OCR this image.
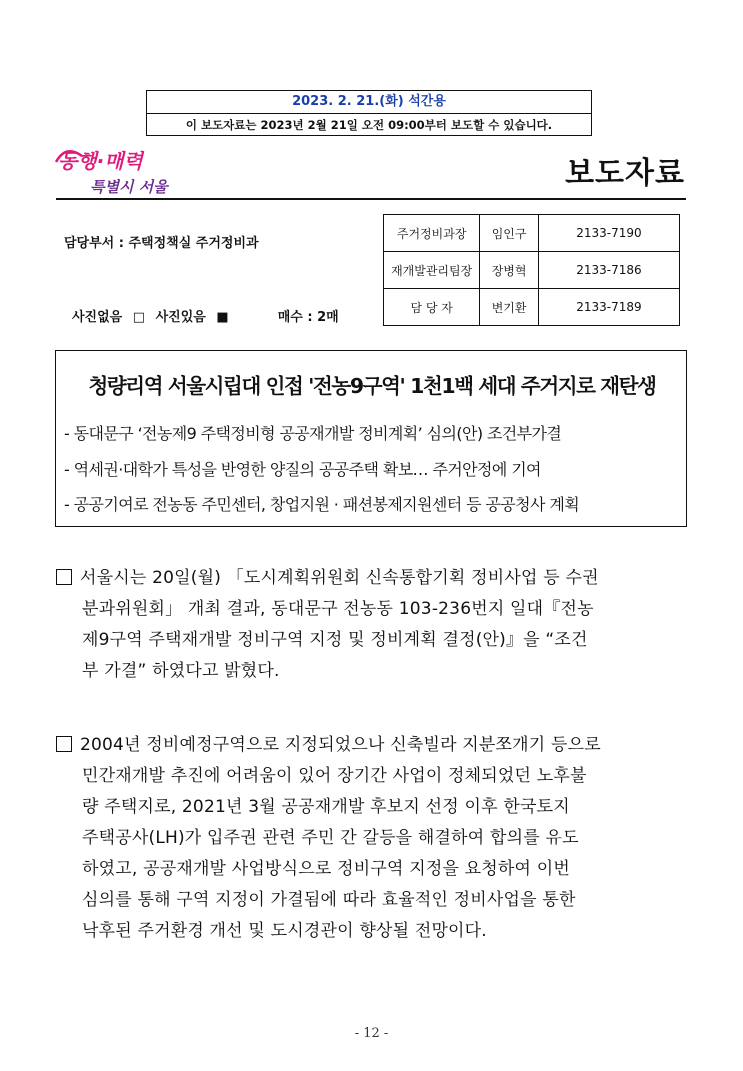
2023. 2. 21.(화) 석간용
이 보도자료는 2023년 2월 21일 오전 09:00부터 보도할 수 있습니다.
동행·매력
특별시 서울	보도자료
담당부서 : 주택정책실 주거정비과
사진없음 □ 사진있음 ■	매수 : 2매
주거정비과장	임인구	2133-7190
재개발관리팀장	장병혁	2133-7186
담 당 자	변기환	2133-7189
청량리역 서울시립대 인접 '전농9구역' 1천1백 세대 주거지로 재탄생
- 동대문구 ‘전농제9 주택정비형 공공재개발 정비계획’ 심의(안) 조건부가결
- 역세권·대학가 특성을 반영한 양질의 공공주택 확보… 주거안정에 기여
- 공공기여로 전농동 주민센터, 창업지원 · 패션봉제지원센터 등 공공청사 계획
서울시는 20일(월) 「도시계획위원회 신속통합기획 정비사업 등 수권
분과위원회」 개최 결과, 동대문구 전농동 103-236번지 일대『전농
제9구역 주택재개발 정비구역 지정 및 정비계획 결정(안)』을 “조건
부 가결” 하였다고 밝혔다.
2004년 정비예정구역으로 지정되었으나 신축빌라 지분쪼개기 등으로
민간재개발 추진에 어려움이 있어 장기간 사업이 정체되었던 노후불
량 주택지로, 2021년 3월 공공재개발 후보지 선정 이후 한국토지
주택공사(LH)가 입주권 관련 주민 간 갈등을 해결하여 합의를 유도
하였고, 공공재개발 사업방식으로 정비구역 지정을 요청하여 이번
심의를 통해 구역 지정이 가결됨에 따라 효율적인 정비사업을 통한
낙후된 주거환경 개선 및 도시경관이 향상될 전망이다.
- 12 -
